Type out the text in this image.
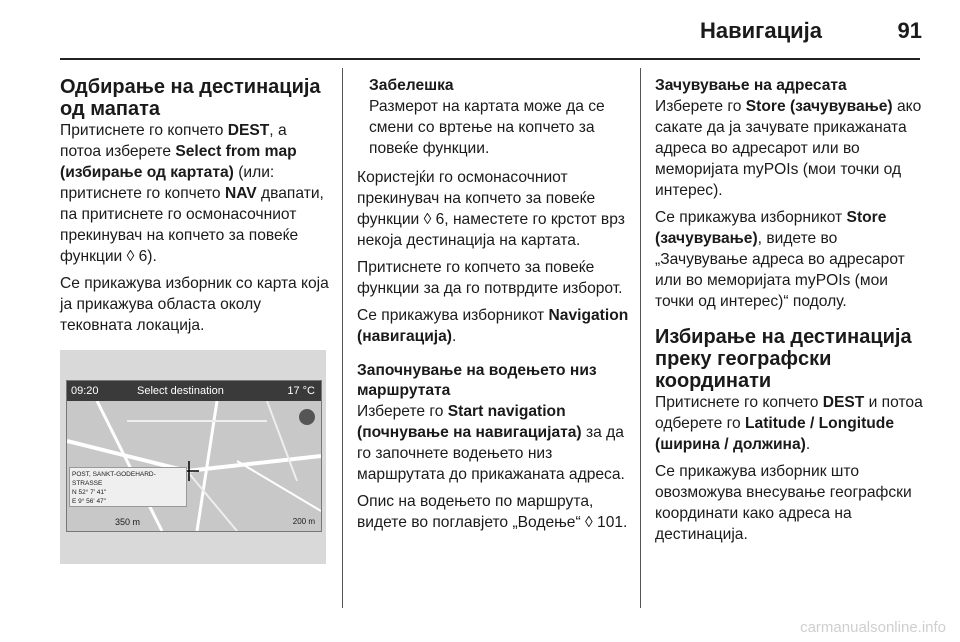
Навигација	91
Одбирање на дестинација од мапата

Притиснете го копчето DEST, а потоа изберете Select from map (избирање од картата) (или: притиснете го копчето NAV двапати, па притиснете го осмонасочниот прекинувач на копчето за повеќе функции ◊ 6).

Се прикажува изборник со карта која ја прикажува областа околу тековната локација.

09:20	Select destination	17 °C
POST, SANKT-GODEHARD-STRASSE
N 52° 7' 41"
E 9° 56' 47"
350 m	200 m
Забелешка
Размерот на картата може да се смени со вртење на копчето за повеќе функции.

Користејќи го осмонасочниот прекинувач на копчето за повеќе функции ◊ 6, наместете го крстот врз некоја дестинација на картата.

Притиснете го копчето за повеќе функции за да го потврдите изборот.

Се прикажува изборникот Navigation (навигација).

Започнување на водењето низ маршрутата

Изберете го Start navigation (почнување на навигацијата) за да го започнете водењето низ маршрутата до прикажаната адреса.

Опис на водењето по маршрута, видете во поглавјето „Водење“ ◊ 101.

Зачувување на адресата

Изберете го Store (зачувување) ако сакате да ја зачувате прикажаната адреса во адресарот или во меморијата myPOIs (мои точки од интерес).

Се прикажува изборникот Store (зачувување), видете во „Зачувување адреса во адресарот или во меморијата myPOIs (мои точки од интерес)“ подолу.

Избирање на дестинација преку географски координати

Притиснете го копчето DEST и потоа одберете го Latitude / Longitude (ширина / должина).

Се прикажува изборник што овозможува внесување географски координати како адреса на дестинација.

carmanualsonline.info
